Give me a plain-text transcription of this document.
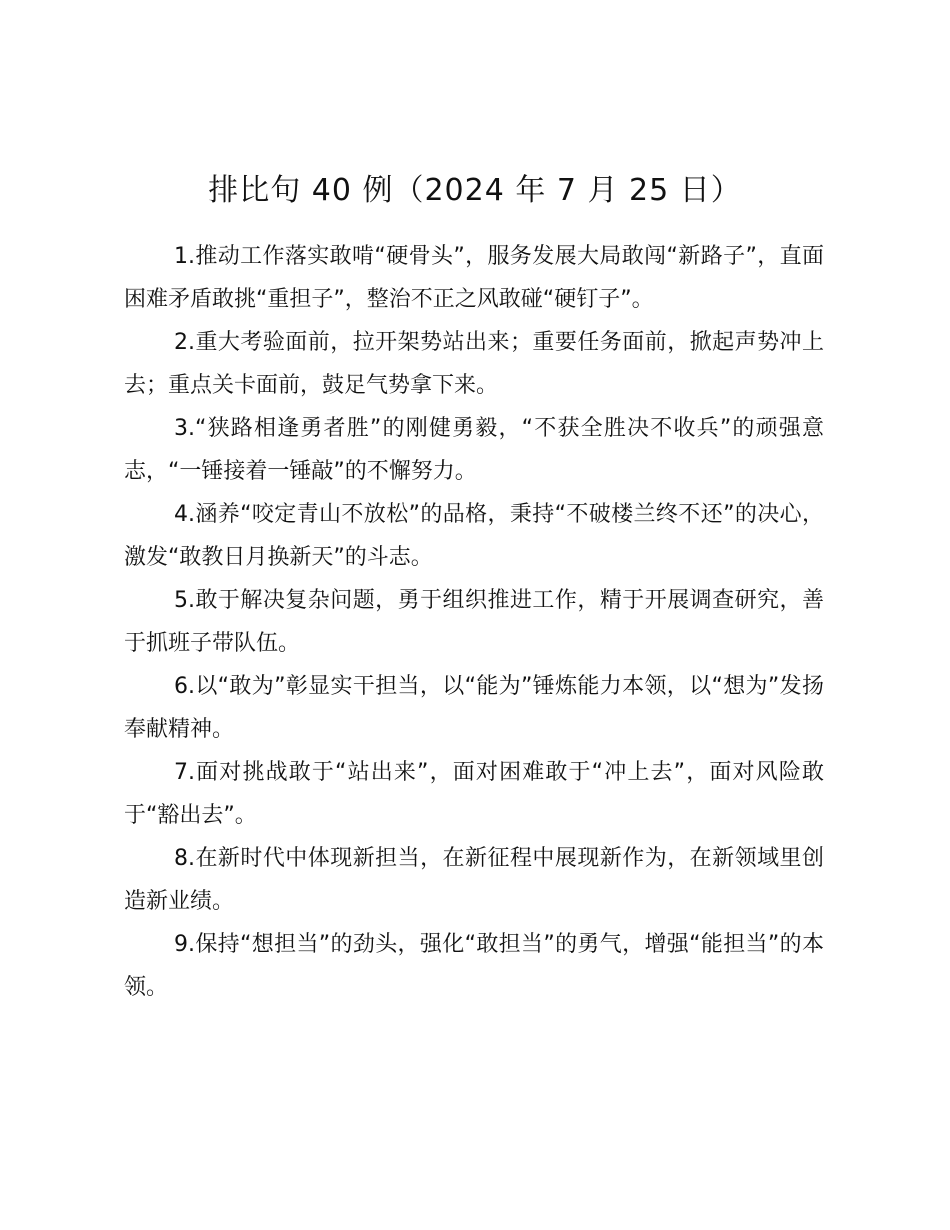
排比句 40 例（2024 年 7 月 25 日）

1.推动工作落实敢啃“硬骨头”，服务发展大局敢闯“新路子”，直面困难矛盾敢挑“重担子”，整治不正之风敢碰“硬钉子”。

2.重大考验面前，拉开架势站出来；重要任务面前，掀起声势冲上去；重点关卡面前，鼓足气势拿下来。

3.“狭路相逢勇者胜”的刚健勇毅，“不获全胜决不收兵”的顽强意志，“一锤接着一锤敲”的不懈努力。

4.涵养“咬定青山不放松”的品格，秉持“不破楼兰终不还”的决心，激发“敢教日月换新天”的斗志。

5.敢于解决复杂问题，勇于组织推进工作，精于开展调查研究，善于抓班子带队伍。

6.以“敢为”彰显实干担当，以“能为”锤炼能力本领，以“想为”发扬奉献精神。

7.面对挑战敢于“站出来”，面对困难敢于“冲上去”，面对风险敢于“豁出去”。

8.在新时代中体现新担当，在新征程中展现新作为，在新领域里创造新业绩。

9.保持“想担当”的劲头，强化“敢担当”的勇气，增强“能担当”的本领。
